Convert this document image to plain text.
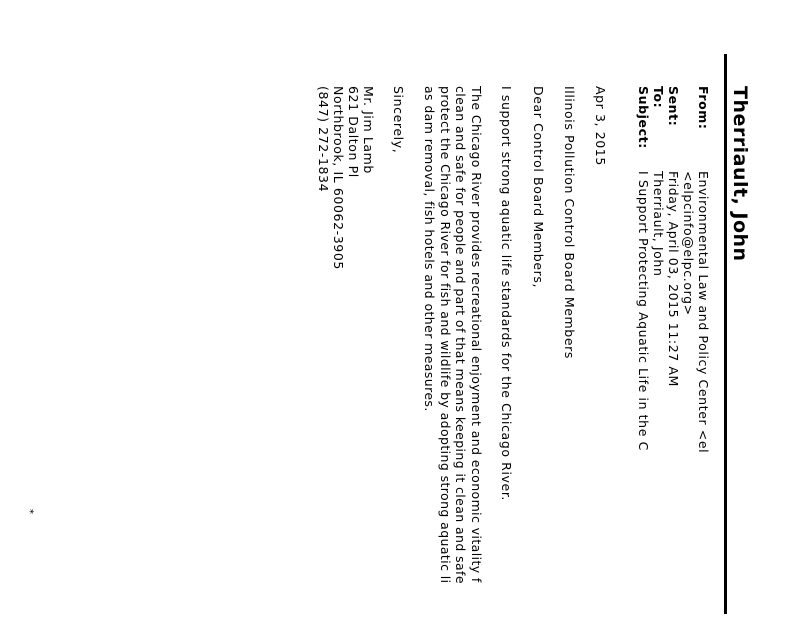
Therriault, John
From:Environmental Law and Policy Center <el
<elpcinfo@elpc.org>
Sent:Friday, April 03, 2015 11:27 AM
To:Therriault, John
Subject:I Support Protecting Aquatic Life in the C
Apr 3, 2015
Illinois Pollution Control Board Members
Dear Control Board Members,
I support strong aquatic life standards for the Chicago River.
The Chicago River provides recreational enjoyment and economic vitality f
clean and safe for people and part of that means keeping it clean and safe
protect the Chicago River for fish and wildlife by adopting strong aquatic li
as dam removal, fish hotels and other measures.
Sincerely,
Mr. Jim Lamb
621 Dalton Pl
Northbrook, IL 60062-3905
(847) 272-1834
*
